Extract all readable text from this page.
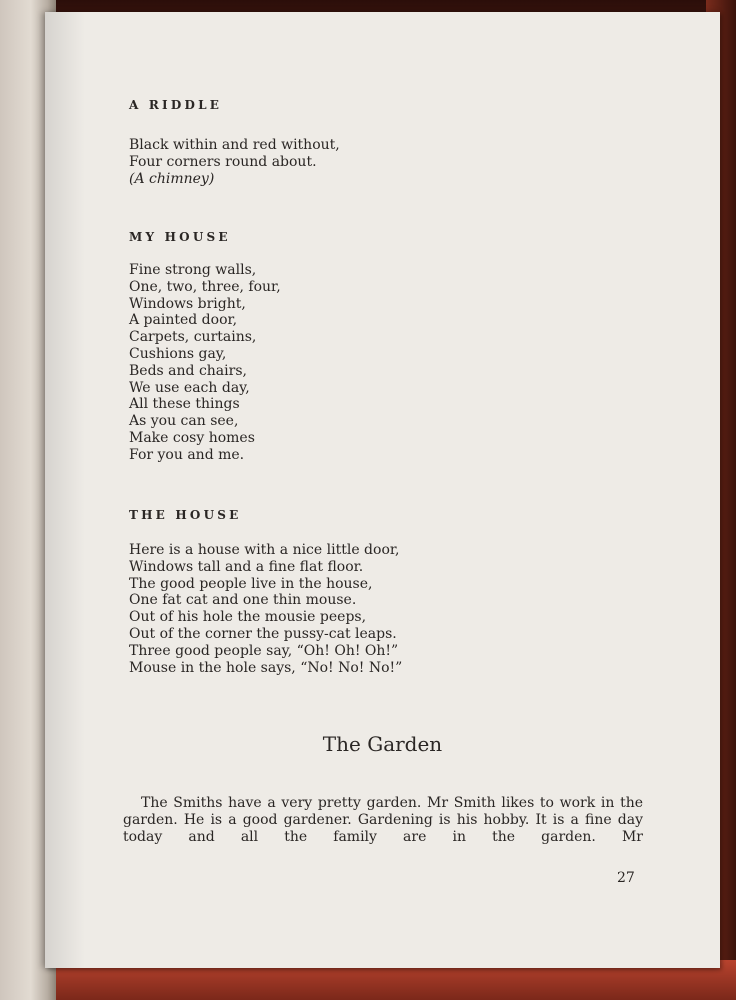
A RIDDLE

Black within and red without,
Four corners round about.
(A chimney)

MY HOUSE

Fine strong walls,
One, two, three, four,
Windows bright,
A painted door,
Carpets, curtains,
Cushions gay,
Beds and chairs,
We use each day,
All these things
As you can see,
Make cosy homes
For you and me.

THE HOUSE

Here is a house with a nice little door,
Windows tall and a fine flat floor.
The good people live in the house,
One fat cat and one thin mouse.
Out of his hole the mousie peeps,
Out of the corner the pussy-cat leaps.
Three good people say, “Oh! Oh! Oh!”
Mouse in the hole says, “No! No! No!”

The Garden

The Smiths have a very pretty garden. Mr Smith likes to work in the garden. He is a good gardener. Gardening is his hobby. It is a fine day today and all the family are in the garden. Mr

27
